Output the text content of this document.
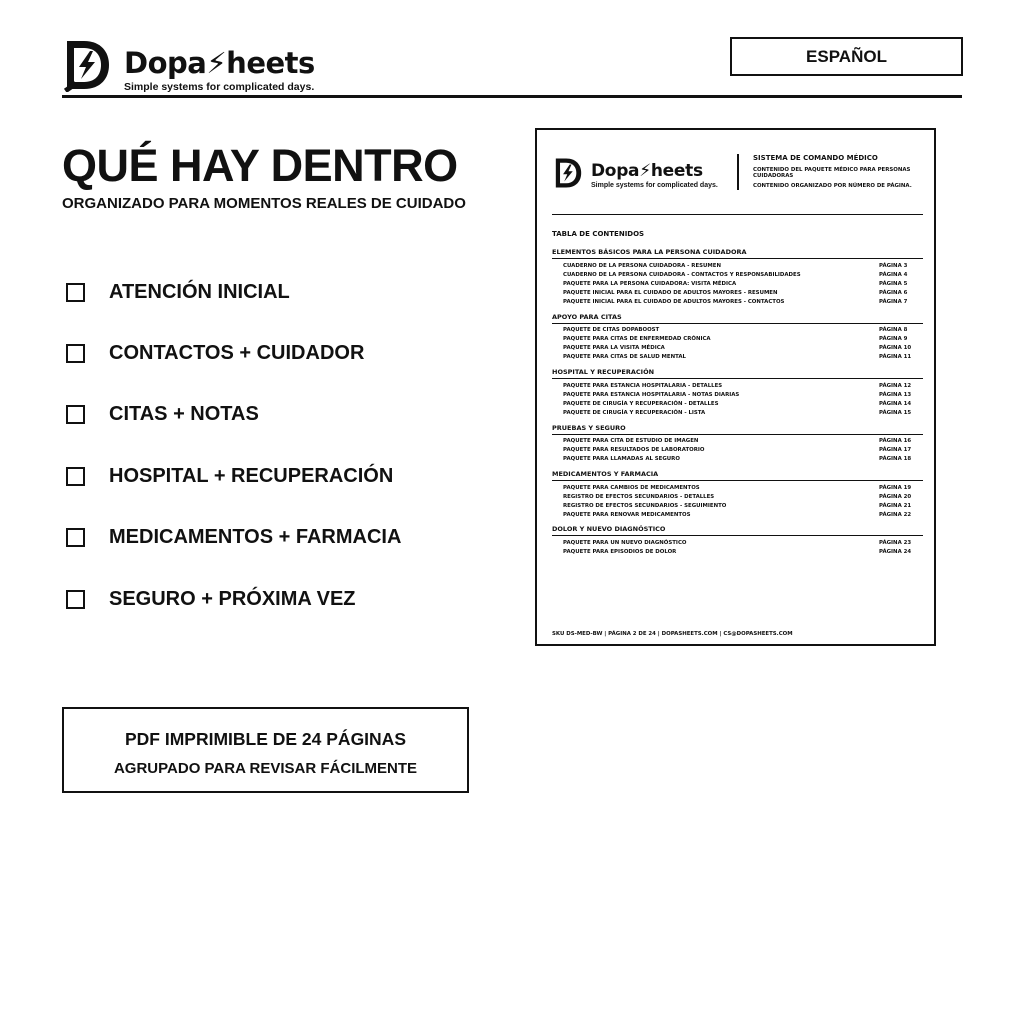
Dopa⚡heets
Simple systems for complicated days.
ESPAÑOL
QUÉ HAY DENTRO
ORGANIZADO PARA MOMENTOS REALES DE CUIDADO
ATENCIÓN INICIAL
CONTACTOS + CUIDADOR
CITAS + NOTAS
HOSPITAL + RECUPERACIÓN
MEDICAMENTOS + FARMACIA
SEGURO + PRÓXIMA VEZ
PDF IMPRIMIBLE DE 24 PÁGINAS
AGRUPADO PARA REVISAR FÁCILMENTE
Dopa⚡heets
Simple systems for complicated days.
SISTEMA DE COMANDO MÉDICO
CONTENIDO DEL PAQUETE MÉDICO PARA PERSONAS CUIDADORAS
CONTENIDO ORGANIZADO POR NÚMERO DE PÁGINA.
TABLA DE CONTENIDOS
ELEMENTOS BÁSICOS PARA LA PERSONA CUIDADORA
CUADERNO DE LA PERSONA CUIDADORA - RESUMEN	PÁGINA 3
CUADERNO DE LA PERSONA CUIDADORA - CONTACTOS Y RESPONSABILIDADES	PÁGINA 4
PAQUETE PARA LA PERSONA CUIDADORA: VISITA MÉDICA	PÁGINA 5
PAQUETE INICIAL PARA EL CUIDADO DE ADULTOS MAYORES - RESUMEN	PÁGINA 6
PAQUETE INICIAL PARA EL CUIDADO DE ADULTOS MAYORES - CONTACTOS	PÁGINA 7
APOYO PARA CITAS
PAQUETE DE CITAS DOPABOOST	PÁGINA 8
PAQUETE PARA CITAS DE ENFERMEDAD CRÓNICA	PÁGINA 9
PAQUETE PARA LA VISITA MÉDICA	PÁGINA 10
PAQUETE PARA CITAS DE SALUD MENTAL	PÁGINA 11
HOSPITAL Y RECUPERACIÓN
PAQUETE PARA ESTANCIA HOSPITALARIA - DETALLES	PÁGINA 12
PAQUETE PARA ESTANCIA HOSPITALARIA - NOTAS DIARIAS	PÁGINA 13
PAQUETE DE CIRUGÍA Y RECUPERACIÓN - DETALLES	PÁGINA 14
PAQUETE DE CIRUGÍA Y RECUPERACIÓN - LISTA	PÁGINA 15
PRUEBAS Y SEGURO
PAQUETE PARA CITA DE ESTUDIO DE IMAGEN	PÁGINA 16
PAQUETE PARA RESULTADOS DE LABORATORIO	PÁGINA 17
PAQUETE PARA LLAMADAS AL SEGURO	PÁGINA 18
MEDICAMENTOS Y FARMACIA
PAQUETE PARA CAMBIOS DE MEDICAMENTOS	PÁGINA 19
REGISTRO DE EFECTOS SECUNDARIOS - DETALLES	PÁGINA 20
REGISTRO DE EFECTOS SECUNDARIOS - SEGUIMIENTO	PÁGINA 21
PAQUETE PARA RENOVAR MEDICAMENTOS	PÁGINA 22
DOLOR Y NUEVO DIAGNÓSTICO
PAQUETE PARA UN NUEVO DIAGNÓSTICO	PÁGINA 23
PAQUETE PARA EPISODIOS DE DOLOR	PÁGINA 24
SKU DS-MED-BW | PÁGINA 2 DE 24 | DOPASHEETS.COM | CS@DOPASHEETS.COM
